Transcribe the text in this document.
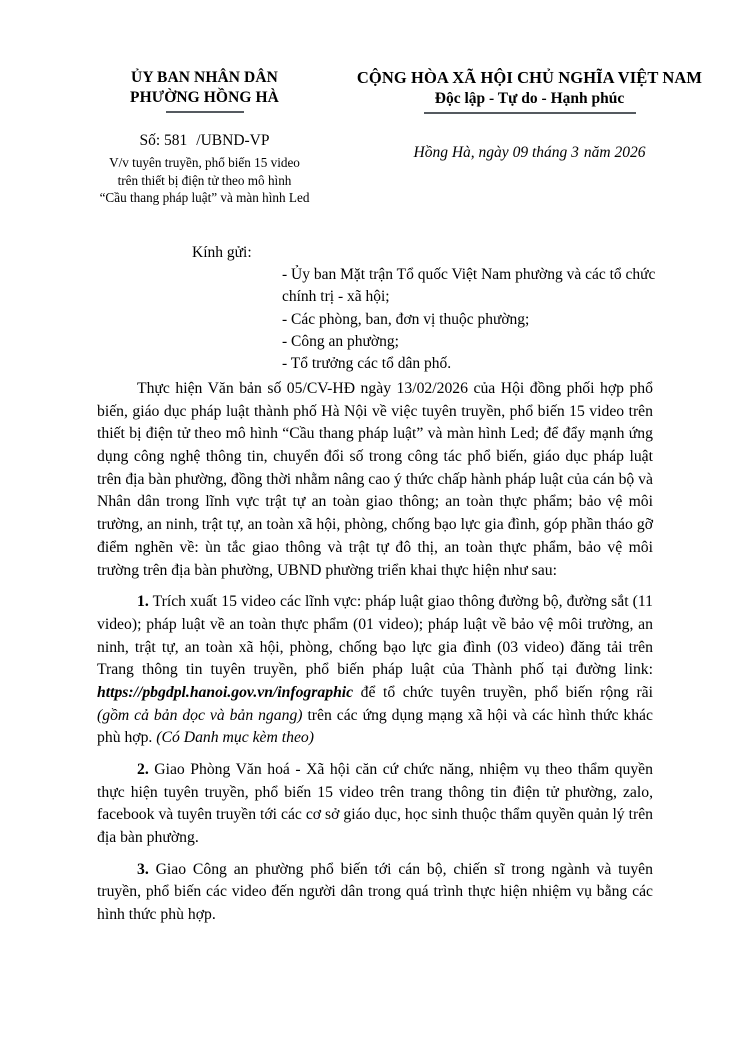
ỦY BAN NHÂN DÂN
PHƯỜNG HỒNG HÀ
Số: 581 /UBND-VP
V/v tuyên truyền, phổ biến 15 video
trên thiết bị điện tử theo mô hình
“Cầu thang pháp luật” và màn hình Led
CỘNG HÒA XÃ HỘI CHỦ NGHĨA VIỆT NAM
Độc lập - Tự do - Hạnh phúc
Hồng Hà, ngày 09 tháng 3 năm 2026
Kính gửi:
- Ủy ban Mặt trận Tổ quốc Việt Nam phường và các tổ chức chính trị - xã hội;
- Các phòng, ban, đơn vị thuộc phường;
- Công an phường;
- Tổ trưởng các tổ dân phố.

Thực hiện Văn bản số 05/CV-HĐ ngày 13/02/2026 của Hội đồng phối hợp phổ biến, giáo dục pháp luật thành phố Hà Nội về việc tuyên truyền, phổ biến 15 video trên thiết bị điện tử theo mô hình “Cầu thang pháp luật” và màn hình Led; để đẩy mạnh ứng dụng công nghệ thông tin, chuyển đổi số trong công tác phổ biến, giáo dục pháp luật trên địa bàn phường, đồng thời nhằm nâng cao ý thức chấp hành pháp luật của cán bộ và Nhân dân trong lĩnh vực trật tự an toàn giao thông; an toàn thực phẩm; bảo vệ môi trường, an ninh, trật tự, an toàn xã hội, phòng, chống bạo lực gia đình, góp phần tháo gỡ điểm nghẽn về: ùn tắc giao thông và trật tự đô thị, an toàn thực phẩm, bảo vệ môi trường trên địa bàn phường, UBND phường triển khai thực hiện như sau:

1. Trích xuất 15 video các lĩnh vực: pháp luật giao thông đường bộ, đường sắt (11 video); pháp luật về an toàn thực phẩm (01 video); pháp luật về bảo vệ môi trường, an ninh, trật tự, an toàn xã hội, phòng, chống bạo lực gia đình (03 video) đăng tải trên Trang thông tin tuyên truyền, phổ biến pháp luật của Thành phố tại đường link: https://pbgdpl.hanoi.gov.vn/infographic để tổ chức tuyên truyền, phổ biến rộng rãi (gồm cả bản dọc và bản ngang) trên các ứng dụng mạng xã hội và các hình thức khác phù hợp. (Có Danh mục kèm theo)

2. Giao Phòng Văn hoá - Xã hội căn cứ chức năng, nhiệm vụ theo thẩm quyền thực hiện tuyên truyền, phổ biến 15 video trên trang thông tin điện tử phường, zalo, facebook và tuyên truyền tới các cơ sở giáo dục, học sinh thuộc thẩm quyền quản lý trên địa bàn phường.

3. Giao Công an phường phổ biến tới cán bộ, chiến sĩ trong ngành và tuyên truyền, phổ biến các video đến người dân trong quá trình thực hiện nhiệm vụ bằng các hình thức phù hợp.
